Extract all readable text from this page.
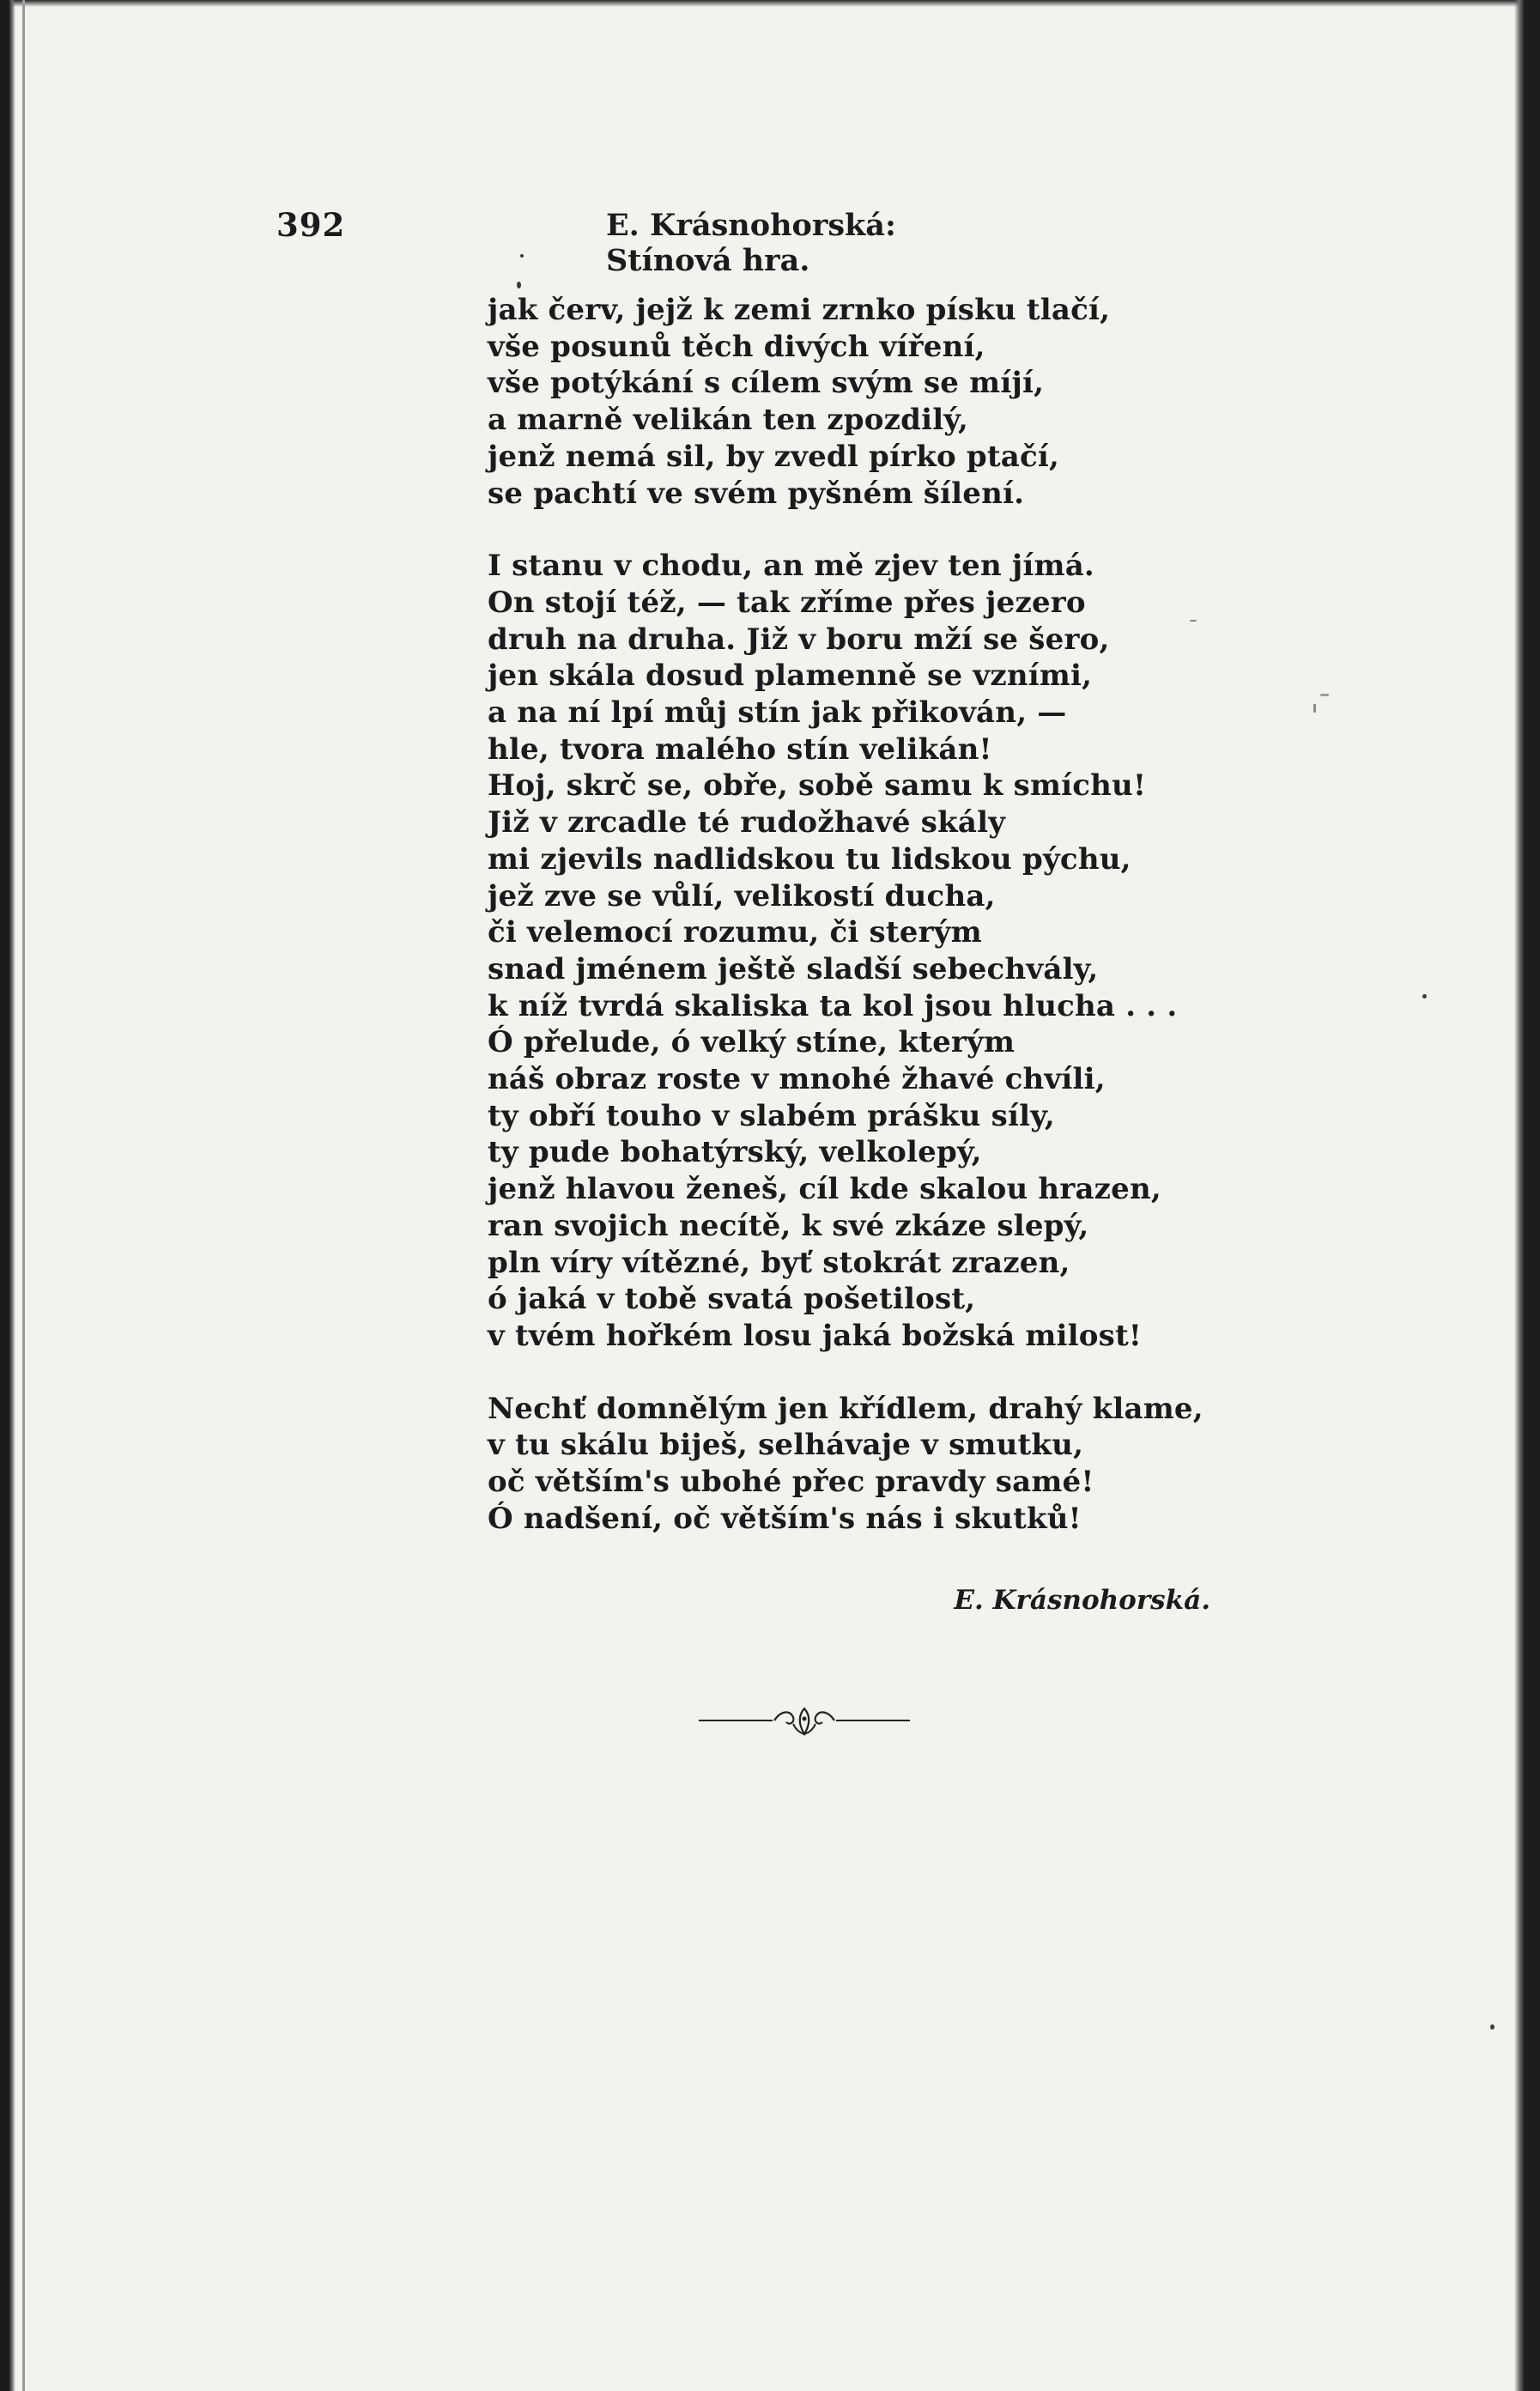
392	E. Krásnohorská: Stínová hra.
jak červ, jejž k zemi zrnko písku tlačí,
vše posunů těch divých víření,
vše potýkání s cílem svým se míjí,
a marně velikán ten zpozdilý,
jenž nemá sil, by zvedl pírko ptačí,
se pachtí ve svém pyšném šílení.
I stanu v chodu, an mě zjev ten jímá.
On stojí též, — tak zříme přes jezero
druh na druha. Již v boru mží se šero,
jen skála dosud plamenně se vzními,
a na ní lpí můj stín jak přikován, —
hle, tvora malého stín velikán!
Hoj, skrč se, obře, sobě samu k smíchu!
Již v zrcadle té rudožhavé skály
mi zjevils nadlidskou tu lidskou pýchu,
jež zve se vůlí, velikostí ducha,
či velemocí rozumu, či sterým
snad jménem ještě sladší sebechvály,
k níž tvrdá skaliska ta kol jsou hlucha . . .
Ó přelude, ó velký stíne, kterým
náš obraz roste v mnohé žhavé chvíli,
ty obří touho v slabém prášku síly,
ty pude bohatýrský, velkolepý,
jenž hlavou ženeš, cíl kde skalou hrazen,
ran svojich necítě, k své zkáze slepý,
pln víry vítězné, byť stokrát zrazen,
ó jaká v tobě svatá pošetilost,
v tvém hořkém losu jaká božská milost!
Nechť domnělým jen křídlem, drahý klame,
v tu skálu biješ, selhávaje v smutku,
oč větším's ubohé přec pravdy samé!
Ó nadšení, oč větším's nás i skutků!
E. Krásnohorská.
